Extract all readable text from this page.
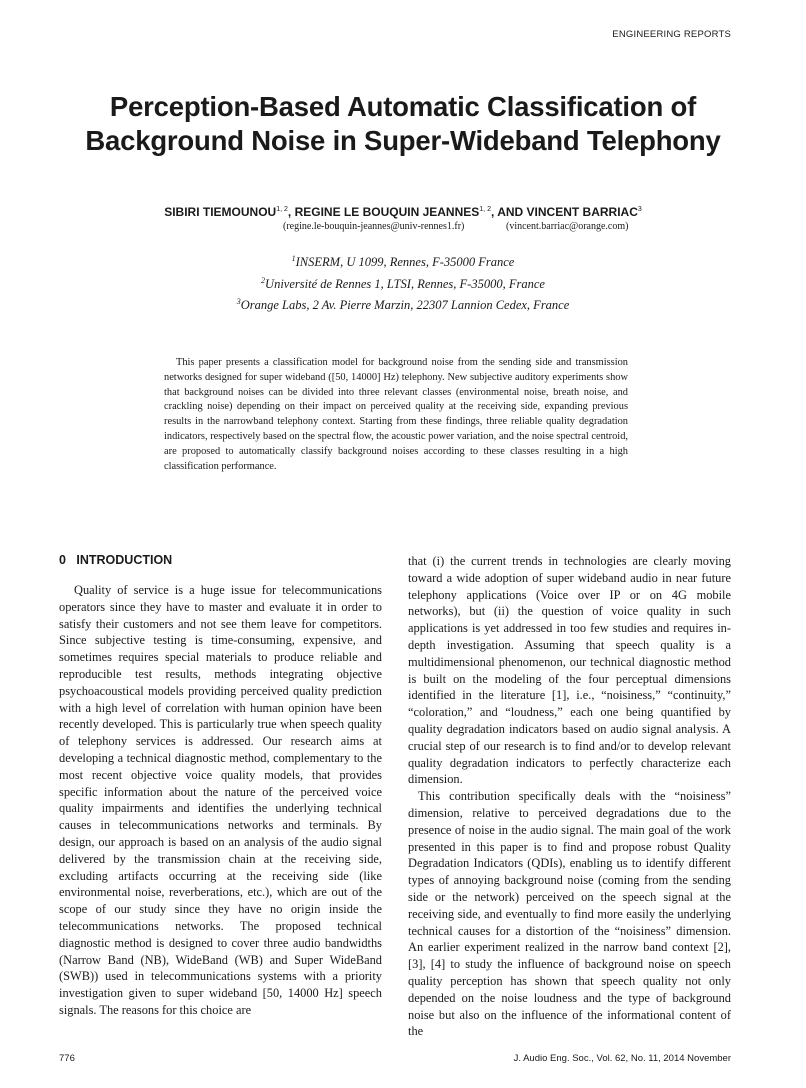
ENGINEERING REPORTS
Perception-Based Automatic Classification of
Background Noise in Super-Wideband Telephony
SIBIRI TIEMOUNOU$^{1, 2}$, REGINE LE BOUQUIN JEANNES$^{1, 2}$, AND VINCENT BARRIAC$^3$
(regine.le-bouquin-jeannes@univ-rennes1.fr)	(vincent.barriac@orange.com)
$^1$INSERM, U 1099, Rennes, F-35000 France
$^2$Université de Rennes 1, LTSI, Rennes, F-35000, France
$^3$Orange Labs, 2 Av. Pierre Marzin, 22307 Lannion Cedex, France
This paper presents a classification model for background noise from the sending side and transmission networks designed for super wideband ([50, 14000] Hz) telephony. New subjective auditory experiments show that background noises can be divided into three relevant classes (environmental noise, breath noise, and crackling noise) depending on their impact on perceived quality at the receiving side, expanding previous results in the narrowband telephony context. Starting from these findings, three reliable quality degradation indicators, respectively based on the spectral flow, the acoustic power variation, and the noise spectral centroid, are proposed to automatically classify background noises according to these classes resulting in a high classification performance.
0 INTRODUCTION

Quality of service is a huge issue for telecommunications operators since they have to master and evaluate it in order to satisfy their customers and not see them leave for competitors. Since subjective testing is time-consuming, expensive, and sometimes requires special materials to produce reliable and reproducible test results, methods integrating objective psychoacoustical models providing perceived quality prediction with a high level of correlation with human opinion have been recently developed. This is particularly true when speech quality of telephony services is addressed. Our research aims at developing a technical diagnostic method, complementary to the most recent objective voice quality models, that provides specific information about the nature of the perceived voice quality impairments and identifies the underlying technical causes in telecommunications networks and terminals. By design, our approach is based on an analysis of the audio signal delivered by the transmission chain at the receiving side, excluding artifacts occurring at the receiving side (like environmental noise, reverberations, etc.), which are out of the scope of our study since they have no origin inside the telecommunications networks. The proposed technical diagnostic method is designed to cover three audio bandwidths (Narrow Band (NB), WideBand (WB) and Super WideBand (SWB)) used in telecommunications systems with a priority investigation given to super wideband [50, 14000 Hz] speech signals. The reasons for this choice are

that (i) the current trends in technologies are clearly moving toward a wide adoption of super wideband audio in near future telephony applications (Voice over IP or on 4G mobile networks), but (ii) the question of voice quality in such applications is yet addressed in too few studies and requires in-depth investigation. Assuming that speech quality is a multidimensional phenomenon, our technical diagnostic method is built on the modeling of the four perceptual dimensions identified in the literature [1], i.e., “noisiness,” “continuity,” “coloration,” and “loudness,” each one being quantified by quality degradation indicators based on audio signal analysis. A crucial step of our research is to find and/or to develop relevant quality degradation indicators to perfectly characterize each dimension.

This contribution specifically deals with the “noisiness” dimension, relative to perceived degradations due to the presence of noise in the audio signal. The main goal of the work presented in this paper is to find and propose robust Quality Degradation Indicators (QDIs), enabling us to identify different types of annoying background noise (coming from the sending side or the network) perceived on the speech signal at the receiving side, and eventually to find more easily the underlying technical causes for a distortion of the “noisiness” dimension. An earlier experiment realized in the narrow band context [2], [3], [4] to study the influence of background noise on speech quality perception has shown that speech quality not only depended on the noise loudness and the type of background noise but also on the influence of the informational content of the

776	J. Audio Eng. Soc., Vol. 62, No. 11, 2014 November
